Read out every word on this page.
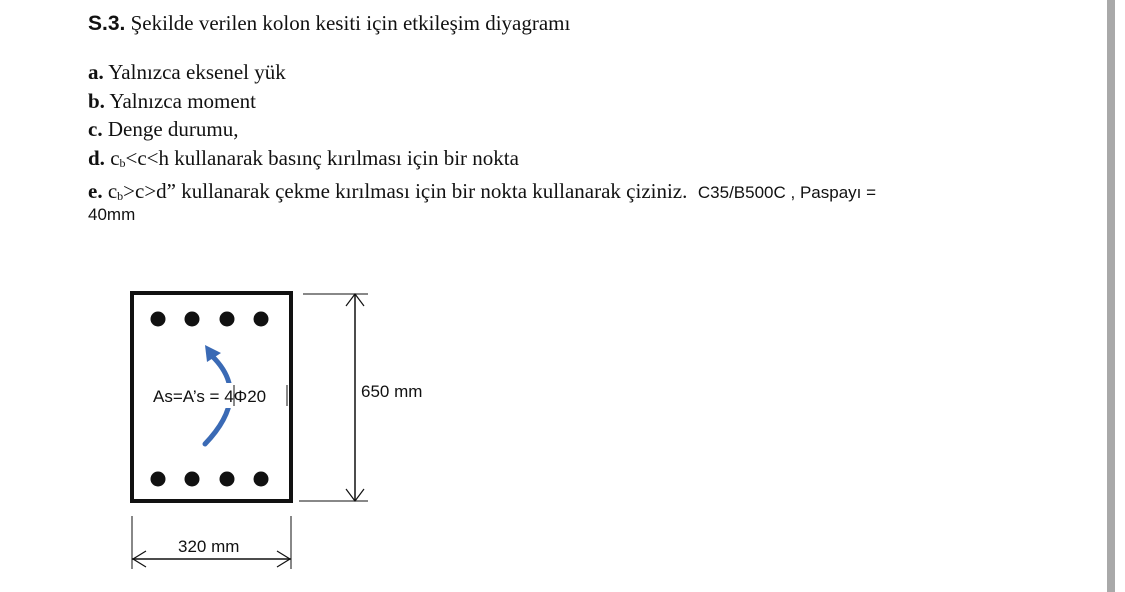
S.3. Şekilde verilen kolon kesiti için etkileşim diyagramı
a. Yalnızca eksenel yük
b. Yalnızca moment
c. Denge durumu,
d. $c_b<c<h$ kullanarak basınç kırılması için bir nokta
e. $c_b>c>d$” kullanarak çekme kırılması için bir nokta kullanarak çiziniz. C35/B500C , Paspayı =
40mm
As=A’s = 4Φ20	650 mm
320 mm
